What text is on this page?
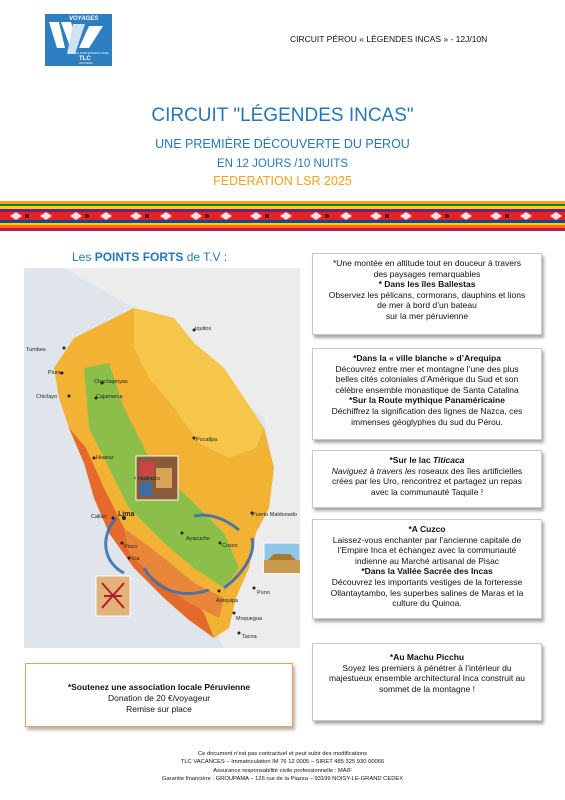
VOYAGES
EN PARTENARIAT AVEC
TLC
VACANCES
CIRCUIT PÉROU « LÉGENDES INCAS » - 12J/10N
CIRCUIT "LÉGENDES INCAS"
UNE PREMIÈRE DÉCOUVERTE DU PEROU
EN 12 JOURS /10 NUITS
FEDERATION LSR 2025
Les POINTS FORTS de T.V :
Tumbes
Piura
Chiclayo
Chachapoyas
Cajamarca
Iquitos
Pucallpa
Huaraz
Huánuco
Callao Lima
Ica
Ayacucho
Puerto Maldonado
Cusco
Arequipa
Puno
Moquegua
Tacna
Pisco
*Une montée en altitude tout en douceur à travers
des paysages remarquables
* Dans les îles Ballestas
Observez les pélicans, cormorans, dauphins et lions
de mer à bord d’un bateau
sur la mer péruvienne
*Dans la « ville blanche » d’Arequipa
Découvrez entre mer et montagne l’une des plus
belles cités coloniales d’Amérique du Sud et son
célèbre ensemble monastique de Santa Catalina
*Sur la Route mythique Panaméricaine
Déchiffrez la signification des lignes de Nazca, ces
immenses géoglyphes du sud du Pérou.
*Sur le lac Titicaca
Naviguez à travers les roseaux des îles artificielles
crées par les Uro, rencontrez et partagez un repas
avec la communauté Taquile !
*A Cuzco
Laissez-vous enchanter par l’ancienne capitale de
l’Empire Inca et échangez avec la communauté
indienne au Marché artisanal de Pisac
*Dans la Vallée Sacrée des Incas
Découvrez les importants vestiges de la forteresse
Ollantaytambo, les superbes salines de Maras et la
culture du Quinoa.
*Au Machu Picchu
Soyez les premiers à pénétrer à l’intérieur du
majestueux ensemble architectural Inca construit au
sommet de la montagne !
*Soutenez une association locale Péruvienne
Donation de 20 €/voyageur
Remise sur place
Ce document n’est pas contractuel et peut subir des modifications
TLC VACANCES – Immatriculation IM 76 12 0005 – SIRET 485 325 930 00066
Assurance responsabilité civile professionnelle : MAIF
Garantie financière : GROUPAMA – 126 rue de la Piazza – 93199 NOISY-LE-GRAND CEDEX
